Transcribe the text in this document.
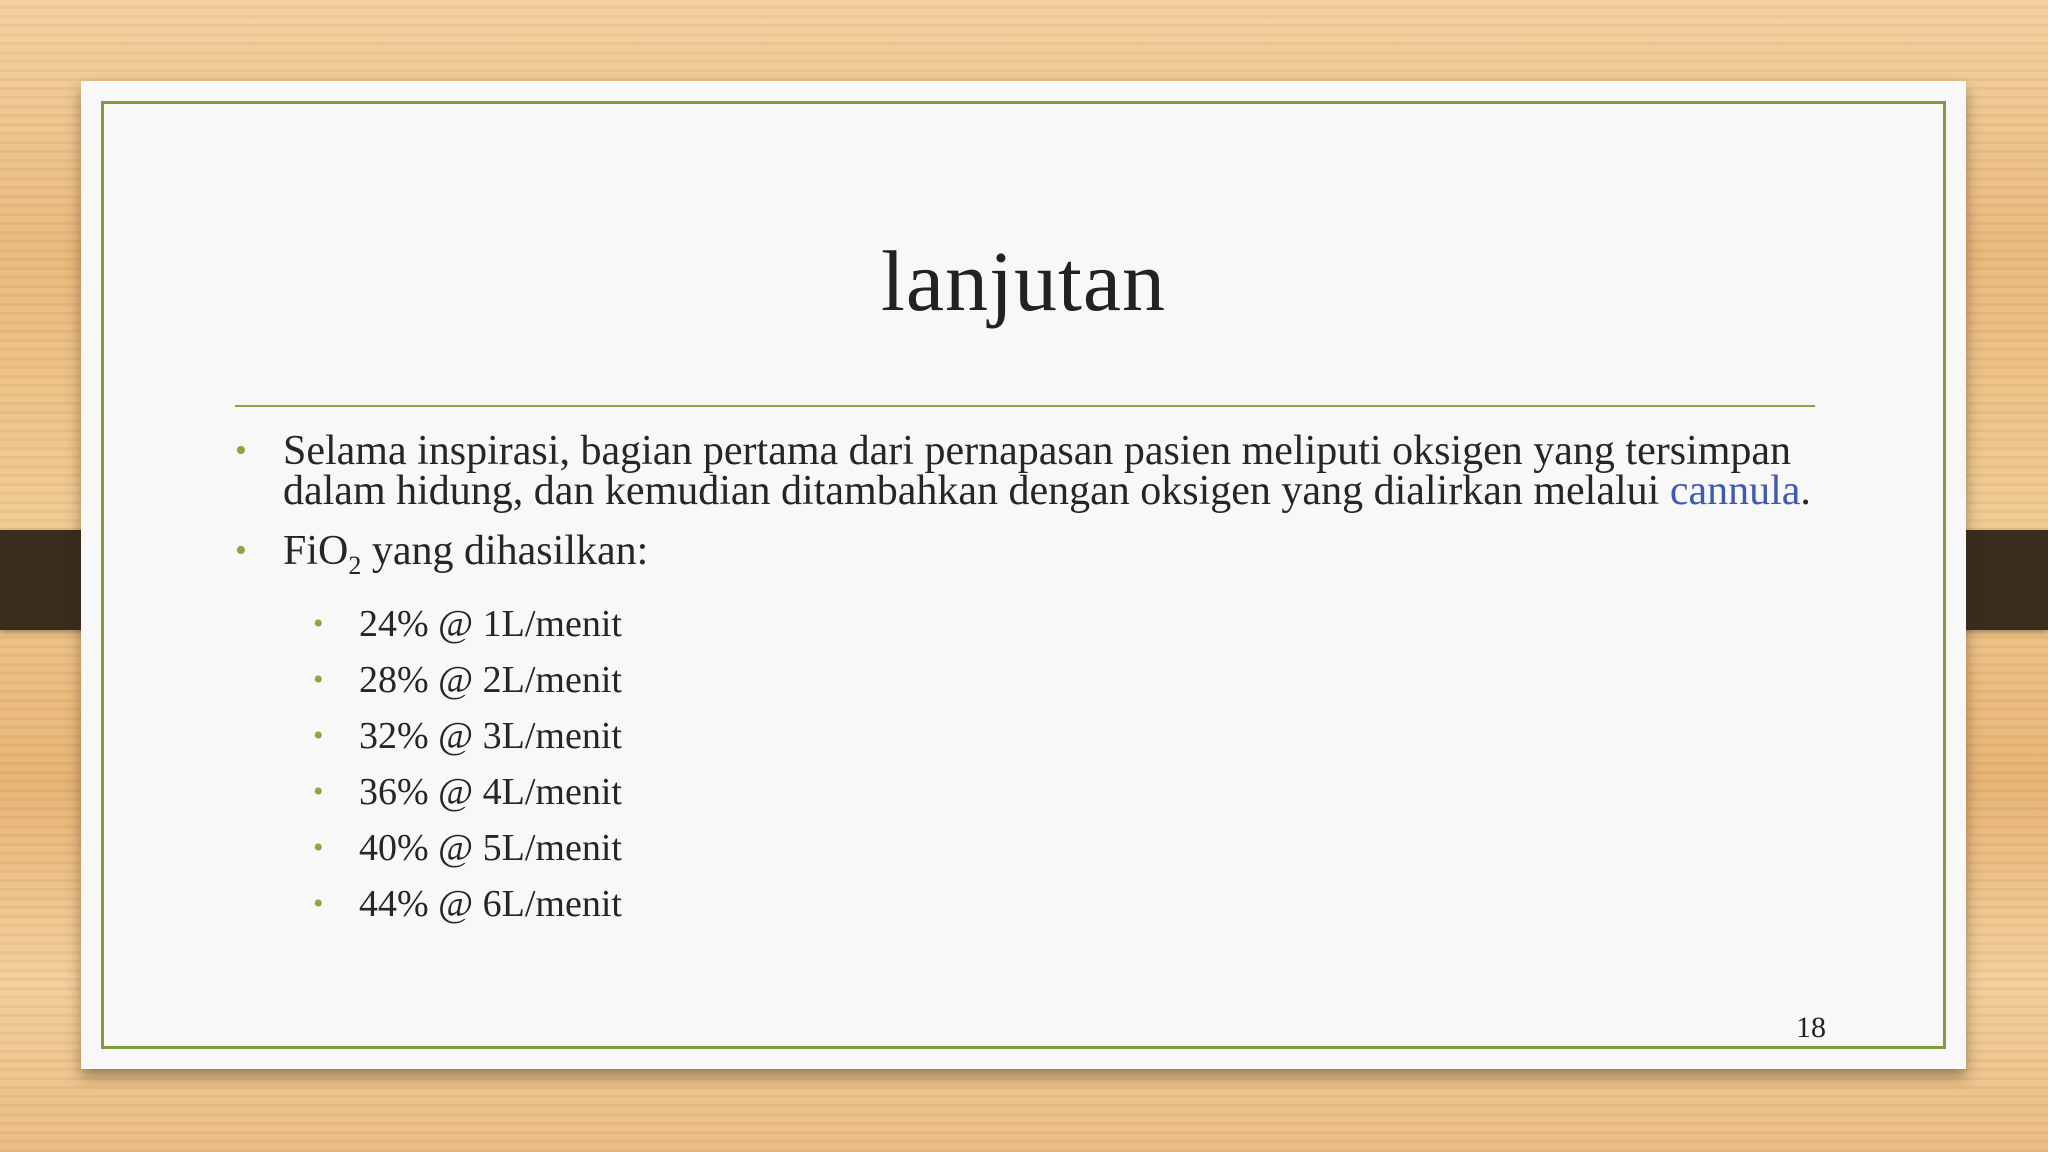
lanjutan
• Selama inspirasi, bagian pertama dari pernapasan pasien meliputi oksigen yang tersimpan dalam hidung, dan kemudian ditambahkan dengan oksigen yang dialirkan melalui cannula.
• FiO$_2$ yang dihasilkan:
• 24% @ 1L/menit
• 28% @ 2L/menit
• 32% @ 3L/menit
• 36% @ 4L/menit
• 40% @ 5L/menit
• 44% @ 6L/menit
18
